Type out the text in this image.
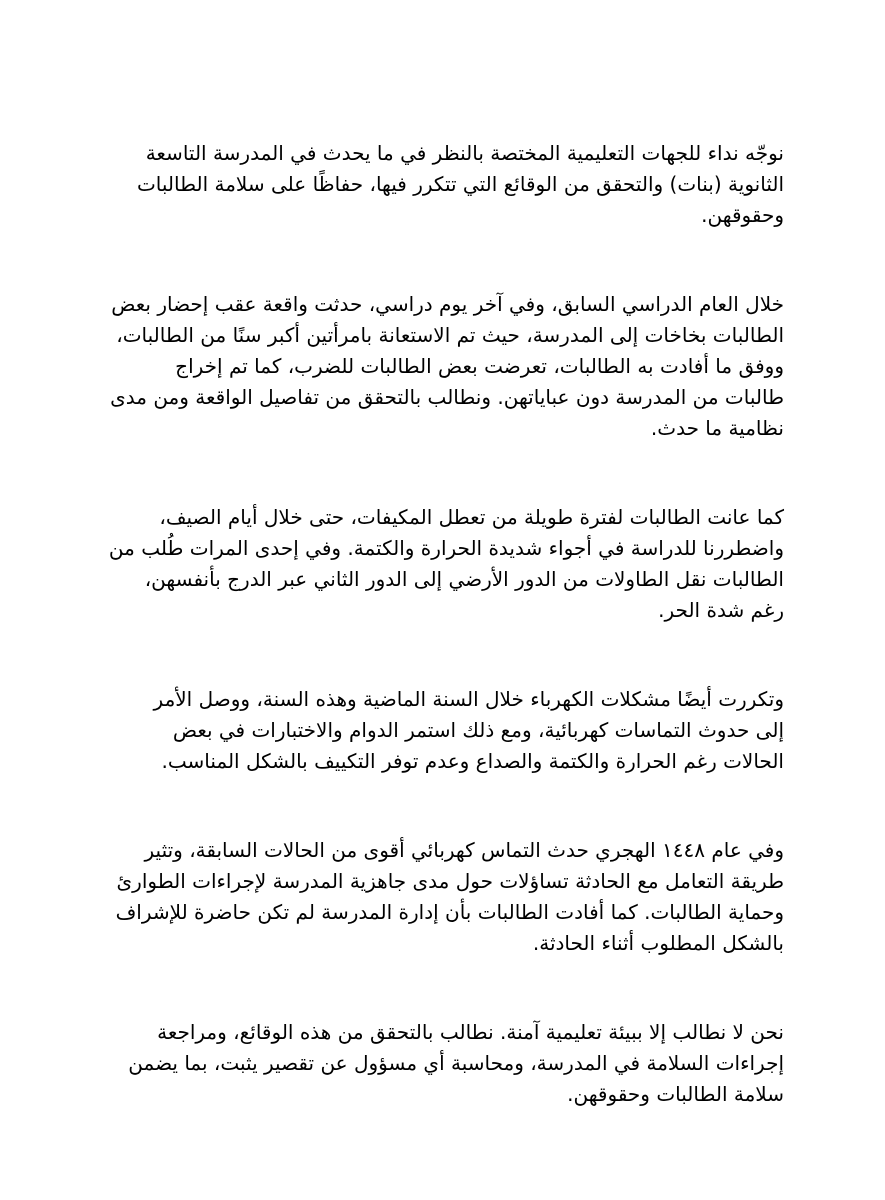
نوجّه نداء للجهات التعليمية المختصة بالنظر في ما يحدث في المدرسة التاسعة
الثانوية (بنات) والتحقق من الوقائع التي تتكرر فيها، حفاظًا على سلامة الطالبات
وحقوقهن.

خلال العام الدراسي السابق، وفي آخر يوم دراسي، حدثت واقعة عقب إحضار بعض
الطالبات بخاخات إلى المدرسة، حيث تم الاستعانة بامرأتين أكبر سنًا من الطالبات،
ووفق ما أفادت به الطالبات، تعرضت بعض الطالبات للضرب، كما تم إخراج
طالبات من المدرسة دون عباياتهن. ونطالب بالتحقق من تفاصيل الواقعة ومن مدى
نظامية ما حدث.

كما عانت الطالبات لفترة طويلة من تعطل المكيفات، حتى خلال أيام الصيف،
واضطررنا للدراسة في أجواء شديدة الحرارة والكتمة. وفي إحدى المرات طُلب من
الطالبات نقل الطاولات من الدور الأرضي إلى الدور الثاني عبر الدرج بأنفسهن،
رغم شدة الحر.

وتكررت أيضًا مشكلات الكهرباء خلال السنة الماضية وهذه السنة، ووصل الأمر
إلى حدوث التماسات كهربائية، ومع ذلك استمر الدوام والاختبارات في بعض
الحالات رغم الحرارة والكتمة والصداع وعدم توفر التكييف بالشكل المناسب.

وفي عام ١٤٤٨ الهجري حدث التماس كهربائي أقوى من الحالات السابقة، وتثير
طريقة التعامل مع الحادثة تساؤلات حول مدى جاهزية المدرسة لإجراءات الطوارئ
وحماية الطالبات. كما أفادت الطالبات بأن إدارة المدرسة لم تكن حاضرة للإشراف
بالشكل المطلوب أثناء الحادثة.

نحن لا نطالب إلا ببيئة تعليمية آمنة. نطالب بالتحقق من هذه الوقائع، ومراجعة
إجراءات السلامة في المدرسة، ومحاسبة أي مسؤول عن تقصير يثبت، بما يضمن
سلامة الطالبات وحقوقهن.
